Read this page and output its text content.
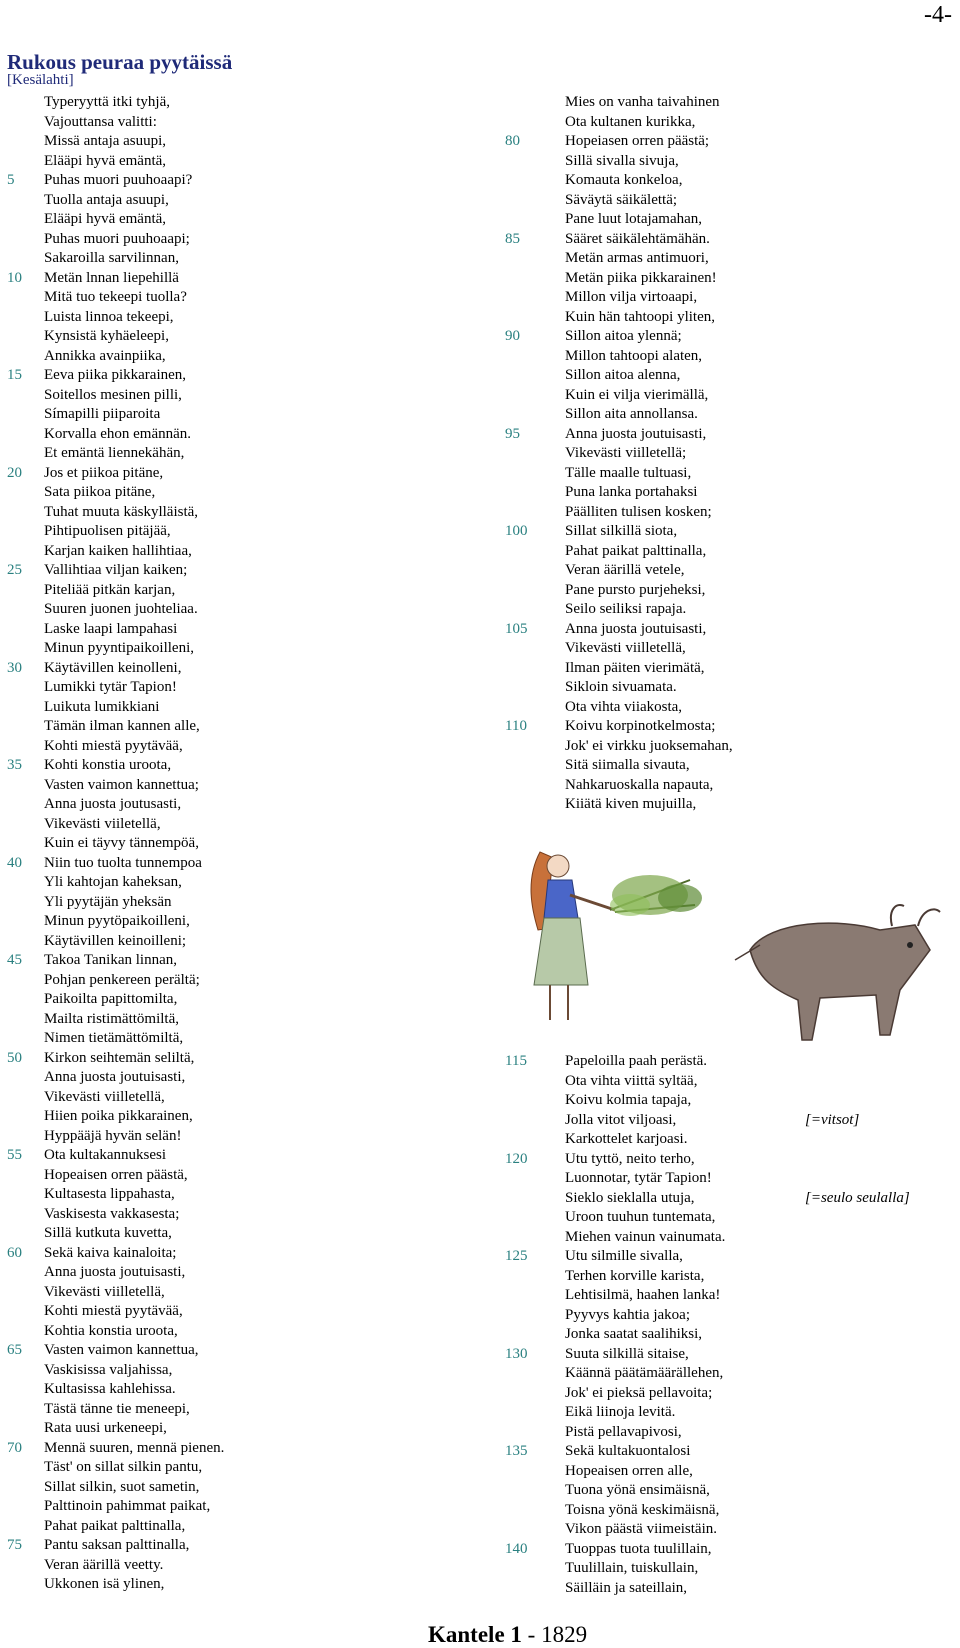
-4-
Rukous peuraa pyytäissä
[Kesälahti]
Typeryyttä itki tyhjä,
Vajouttansa valitti:
Missä antaja asuupi,
Elääpi hyvä emäntä,
5	Puhas muori puuhoaapi?
Tuolla antaja asuupi,
Elääpi hyvä emäntä,
Puhas muori puuhoaapi;
Sakaroilla sarvilinnan,
10	Metän lnnan liepehillä
Mitä tuo tekeepi tuolla?
Luista linnoa tekeepi,
Kynsistä kyhäeleepi,
Annikka avainpiika,
15	Eeva piika pikkarainen,
Soitellos mesinen pilli,
Símapilli piiparoita
Korvalla ehon emännän.
Et emäntä liennekähän,
20	Jos et piikoa pitäne,
Sata piikoa pitäne,
Tuhat muuta käskylläistä,
Pihtipuolisen pitäjää,
Karjan kaiken hallihtiaa,
25	Vallihtiaa viljan kaiken;
Piteliää pitkän karjan,
Suuren juonen juohteliaa.
Laske laapi lampahasi
Minun pyyntipaikoilleni,
30	Käytävillen keinolleni,
Lumikki tytär Tapion!
Luikuta lumikkiani
Tämän ilman kannen alle,
Kohti miestä pyytävää,
35	Kohti konstia uroota,
Vasten vaimon kannettua;
Anna juosta joutusasti,
Vikevästi viiletellä,
Kuin ei täyvy tännempöä,
40	Niin tuo tuolta tunnempoa
Yli kahtojan kaheksan,
Yli pyytäjän yheksän
Minun pyytöpaikoilleni,
Käytävillen keinoilleni;
45	Takoa Tanikan linnan,
Pohjan penkereen perältä;
Paikoilta papittomilta,
Mailta ristimättömiltä,
Nimen tietämättömiltä,
50	Kirkon seihtemän seliltä,
Anna juosta joutuisasti,
Vikevästi viilletellä,
Hiien poika pikkarainen,
Hyppääjä hyvän selän!
55	Ota kultakannuksesi
Hopeaisen orren päästä,
Kultasesta lippahasta,
Vaskisesta vakkasesta;
Sillä kutkuta kuvetta,
60	Sekä kaiva kainaloita;
Anna juosta joutuisasti,
Vikevästi viilletellä,
Kohti miestä pyytävää,
Kohtia konstia uroota,
65	Vasten vaimon kannettua,
Vaskisissa valjahissa,
Kultasissa kahlehissa.
Tästä tänne tie meneepi,
Rata uusi urkeneepi,
70	Mennä suuren, mennä pienen.
Täst' on sillat silkin pantu,
Sillat silkin, suot sametin,
Palttinoin pahimmat paikat,
Pahat paikat palttinalla,
75	Pantu saksan palttinalla,
Veran äärillä veetty.
Ukkonen isä ylinen,
Mies on vanha taivahinen
Ota kultanen kurikka,
80	Hopeiasen orren päästä;
Sillä sivalla sivuja,
Komauta konkeloa,
Säväytä säikälettä;
Pane luut lotajamahan,
85	Sääret säikälehtämähän.
Metän armas antimuori,
Metän piika pikkarainen!
Millon vilja virtoaapi,
Kuin hän tahtoopi yliten,
90	Sillon aitoa ylennä;
Millon tahtoopi alaten,
Sillon aitoa alenna,
Kuin ei vilja vierimällä,
Sillon aita annollansa.
95	Anna juosta joutuisasti,
Vikevästi viilletellä;
Tälle maalle tultuasi,
Puna lanka portahaksi
Päälliten tulisen kosken;
100	Sillat silkillä siota,
Pahat paikat palttinalla,
Veran äärillä vetele,
Pane pursto purjeheksi,
Seilo seiliksi rapaja.
105	Anna juosta joutuisasti,
Vikevästi viilletellä,
Ilman päiten vierimätä,
Sikloin sivuamata.
Ota vihta viiakosta,
110	Koivu korpinotkelmosta;
Jok' ei virkku juoksemahan,
Sitä siimalla sivauta,
Nahkaruoskalla napauta,
Kiiätä kiven mujuilla,
115	Papeloilla paah perästä.
Ota vihta viittä syltää,
Koivu kolmia tapaja,
Jolla vitot viljoasi,	[=vitsot]
Karkottelet karjoasi.
120	Utu tyttö, neito terho,
Luonnotar, tytär Tapion!
Sieklo sieklalla utuja,	[=seulo seulalla]
Uroon tuuhun tuntemata,
Miehen vainun vainumata.
125	Utu silmille sivalla,
Terhen korville karista,
Lehtisilmä, haahen lanka!
Pyyvys kahtia jakoa;
Jonka saatat saalihiksi,
130	Suuta silkillä sitaise,
Käännä päätämäärällehen,
Jok' ei pieksä pellavoita;
Eikä liinoja levitä.
Pistä pellavapivosi,
135	Sekä kultakuontalosi
Hopeaisen orren alle,
Tuona yönä ensimäisnä,
Toisna yönä keskimäisnä,
Vikon päästä viimeistäin.
140	Tuoppas tuota tuulillain,
Tuulillain, tuiskullain,
Säilläin ja sateillain,
Kantele 1 - 1829
